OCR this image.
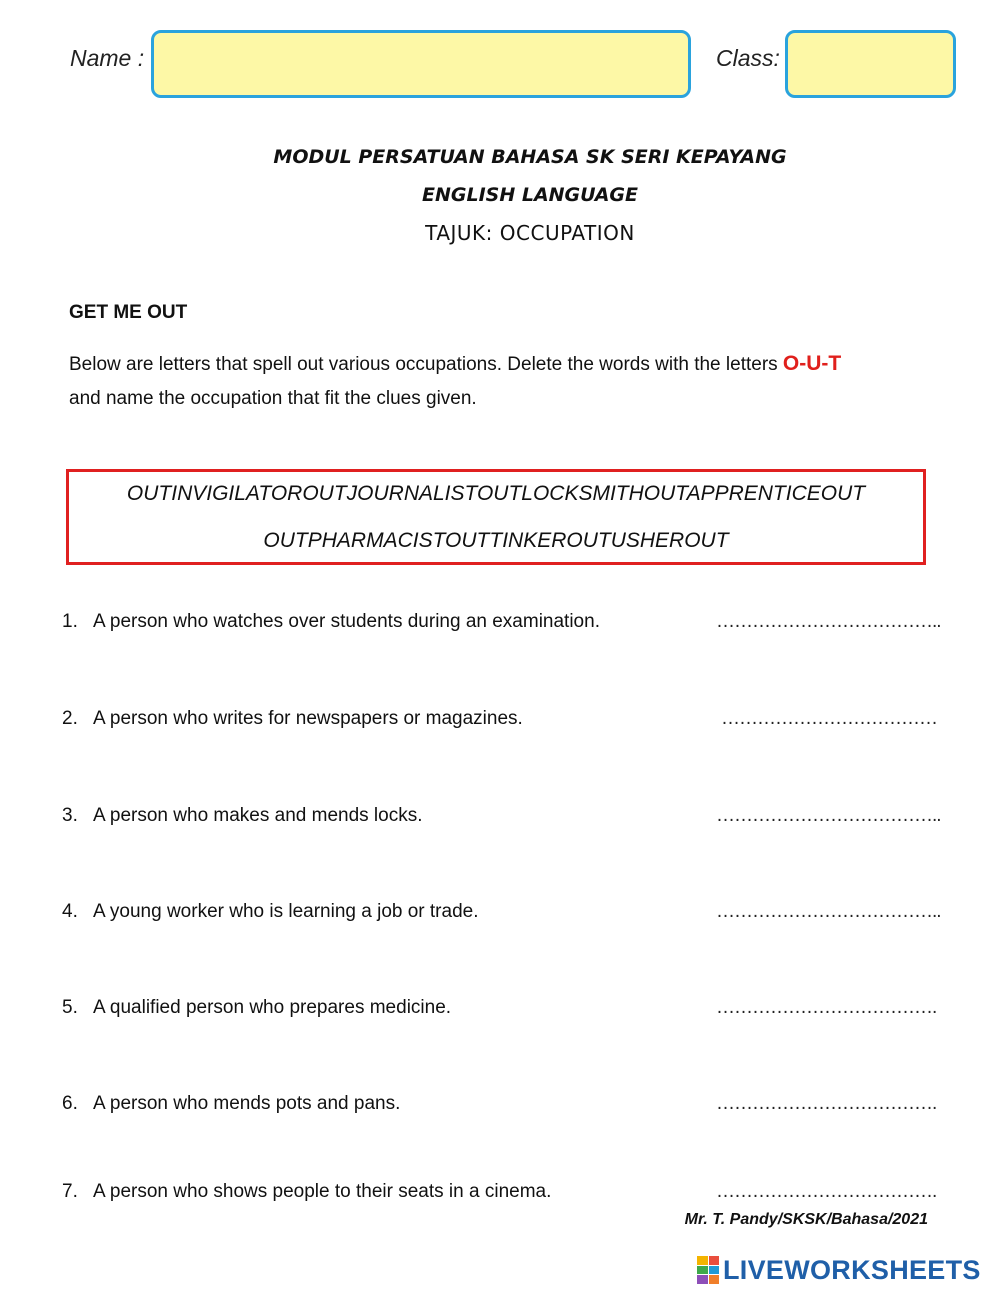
Name :	Class:
MODUL PERSATUAN BAHASA SK SERI KEPAYANG
ENGLISH LANGUAGE
TAJUK: OCCUPATION
GET ME OUT
Below are letters that spell out various occupations. Delete the words with the letters O-U-T
and name the occupation that fit the clues given.
OUTINVIGILATOROUTJOURNALISTOUTLOCKSMITHOUTAPPRENTICEOUT
OUTPHARMACISTOUTTINKEROUTUSHEROUT
1. A person who watches over students during an examination.	………………………………..
2. A person who writes for newspapers or magazines.	………………………………
3. A person who makes and mends locks.	………………………………..
4. A young worker who is learning a job or trade.	………………………………..
5. A qualified person who prepares medicine.	……………………………….
6. A person who mends pots and pans.	……………………………….
7. A person who shows people to their seats in a cinema.	……………………………….
Mr. T. Pandy/SKSK/Bahasa/2021
LIVEWORKSHEETS
